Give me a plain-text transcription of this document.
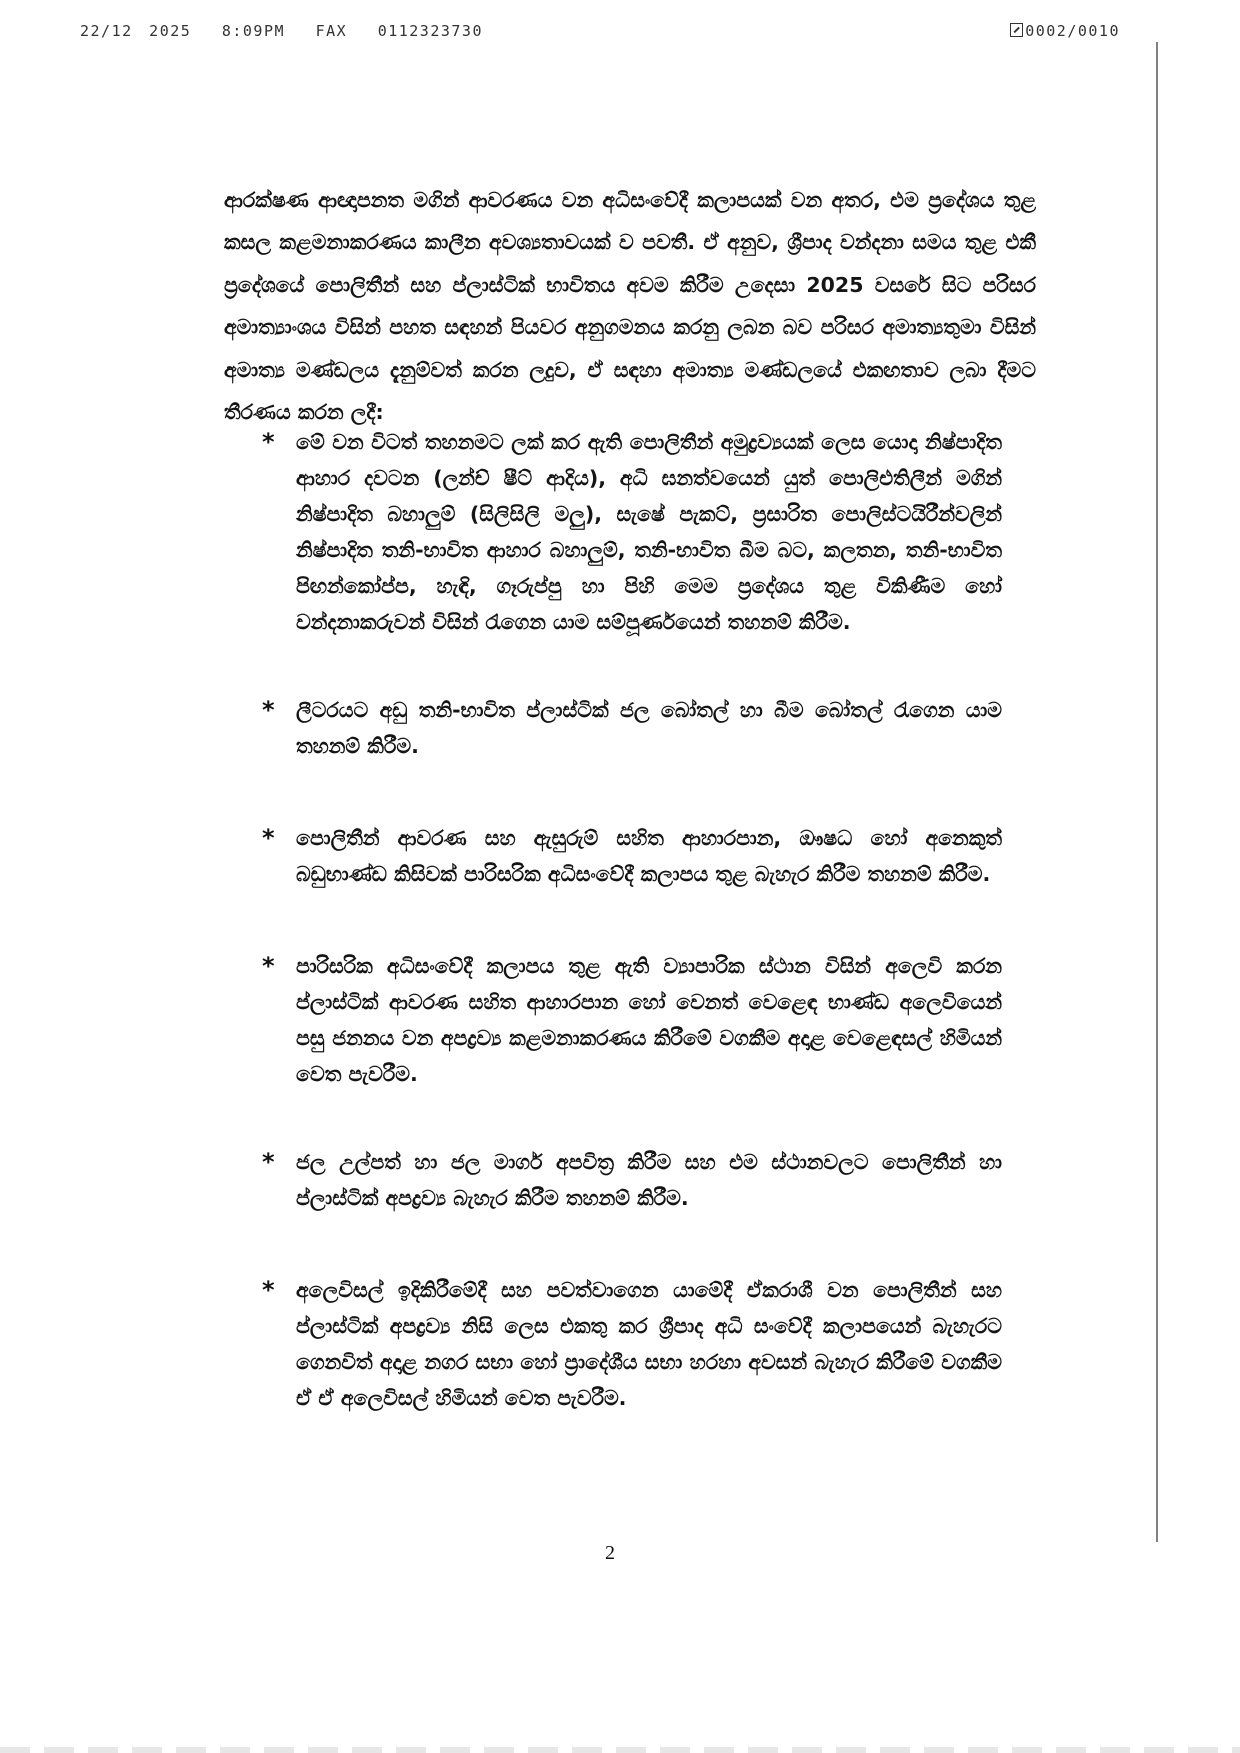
22/12 2025 8:09PM FAX 0112323730	0002/0010

ආරක්ෂණ ආඥාපනත මගින් ආවරණය වන අධිසංවේදී කලාපයක් වන අතර, එම ප්‍රදේශය තුළ කසල කළමනාකරණය කාලීන අවශ්‍යතාවයක් ව පවතී. ඒ අනුව, ශ්‍රීපාද වන්දනා සමය තුළ එකී ප්‍රදේශයේ පොලිතීන් සහ ප්ලාස්ටික් භාවිතය අවම කිරීම උදෙසා 2025 වසරේ සිට පරිසර අමාත්‍යාංශය විසින් පහත සඳහන් පියවර අනුගමනය කරනු ලබන බව පරිසර අමාත්‍යතුමා විසින් අමාත්‍ය මණ්ඩලය දැනුම්වත් කරන ලදුව, ඒ සඳහා අමාත්‍ය මණ්ඩලයේ එකඟතාව ලබා දීමට තීරණය කරන ලදී:

* මේ වන විටත් තහනමට ලක් කර ඇති පොලිතීන් අමුද්‍රව්‍යයක් ලෙස යොදා නිෂ්පාදිත ආහාර දවටන (ලන්ච් ෂීට් ආදිය), අධි ඝනත්වයෙන් යුත් පොලිඑතිලීන් මගින් නිෂ්පාදිත බහාලුම් (සිලිසිලි මලු), සැෂේ පැකට්, ප්‍රසාරිත පොලිස්ටයිරීන්වලින් නිෂ්පාදිත තනි-භාවිත ආහාර බහාලුම්, තනි-භාවිත බීම බට, කලතන, තනි-භාවිත පිඟන්කෝප්ප, හැඳි, ගෑරුප්පු හා පිහි මෙම ප්‍රදේශය තුළ විකිණීම හෝ වන්දනාකරුවන් විසින් රැගෙන යාම සම්පූර්ණයෙන් තහනම් කිරීම.
* ලීටරයට අඩු තනි-භාවිත ප්ලාස්ටික් ජල බෝතල් හා බීම බෝතල් රැගෙන යාම තහනම් කිරීම.
* පොලිතීන් ආවරණ සහ ඇසුරුම් සහිත ආහාරපාන, ඖෂධ හෝ අනෙකුත් බඩුභාණ්ඩ කිසිවක් පාරිසරික අධිසංවේදී කලාපය තුළ බැහැර කිරීම තහනම් කිරීම.
* පාරිසරික අධිසංවේදී කලාපය තුළ ඇති ව්‍යාපාරික ස්ථාන විසින් අලෙවි කරන ප්ලාස්ටික් ආවරණ සහිත ආහාරපාන හෝ වෙනත් වෙළෙඳ භාණ්ඩ අලෙවියෙන් පසු ජනනය වන අපද්‍රව්‍ය කළමනාකරණය කිරීමේ වගකීම අදාළ වෙළෙඳසල් හිමියන් වෙත පැවරීම.
* ජල උල්පත් හා ජල මාර්ග අපවිත්‍ර කිරීම සහ එම ස්ථානවලට පොලිතීන් හා ප්ලාස්ටික් අපද්‍රව්‍ය බැහැර කිරීම තහනම් කිරීම.
* අලෙවිසල් ඉදිකිරීමේදී සහ පවත්වාගෙන යාමේදී ඒකරාශී වන පොලිතීන් සහ ප්ලාස්ටික් අපද්‍රව්‍ය නිසි ලෙස එකතු කර ශ්‍රීපාද අධි සංවේදී කලාපයෙන් බැහැරට ගෙනවිත් අදාළ නගර සභා හෝ ප්‍රාදේශීය සභා හරහා අවසන් බැහැර කිරීමේ වගකීම ඒ ඒ අලෙවිසල් හිමියන් වෙත පැවරීම.
2
